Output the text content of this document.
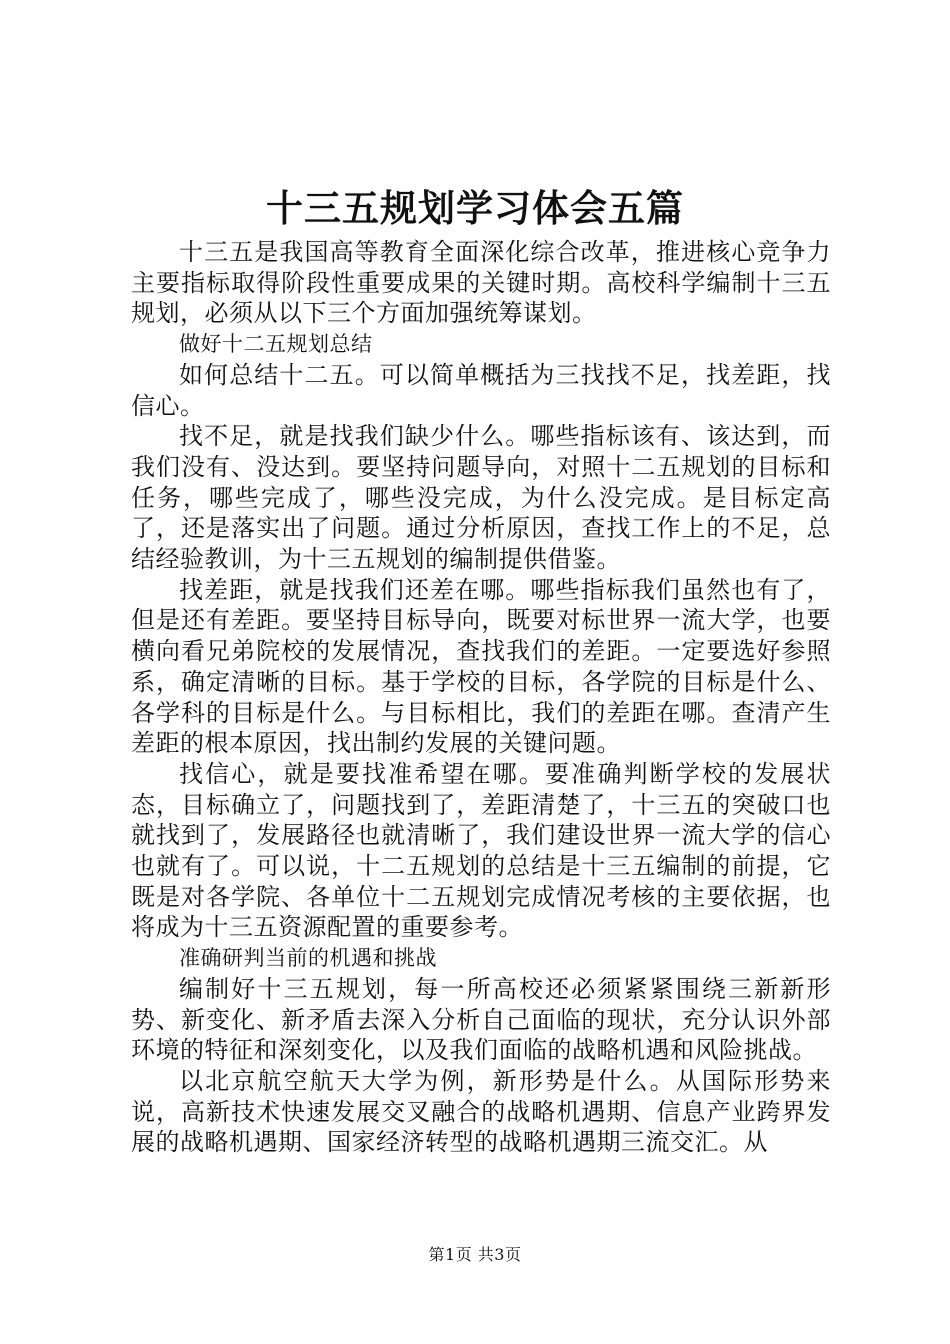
十三五规划学习体会五篇

十三五是我国高等教育全面深化综合改革，推进核心竞争力主要指标取得阶段性重要成果的关键时期。高校科学编制十三五规划，必须从以下三个方面加强统筹谋划。

做好十二五规划总结

如何总结十二五。可以简单概括为三找找不足，找差距，找信心。

找不足，就是找我们缺少什么。哪些指标该有、该达到，而我们没有、没达到。要坚持问题导向，对照十二五规划的目标和任务，哪些完成了，哪些没完成，为什么没完成。是目标定高了，还是落实出了问题。通过分析原因，查找工作上的不足，总结经验教训，为十三五规划的编制提供借鉴。

找差距，就是找我们还差在哪。哪些指标我们虽然也有了，但是还有差距。要坚持目标导向，既要对标世界一流大学，也要横向看兄弟院校的发展情况，查找我们的差距。一定要选好参照系，确定清晰的目标。基于学校的目标，各学院的目标是什么、各学科的目标是什么。与目标相比，我们的差距在哪。查清产生差距的根本原因，找出制约发展的关键问题。

找信心，就是要找准希望在哪。要准确判断学校的发展状态，目标确立了，问题找到了，差距清楚了，十三五的突破口也就找到了，发展路径也就清晰了，我们建设世界一流大学的信心也就有了。可以说，十二五规划的总结是十三五编制的前提，它既是对各学院、各单位十二五规划完成情况考核的主要依据，也将成为十三五资源配置的重要参考。

准确研判当前的机遇和挑战

编制好十三五规划，每一所高校还必须紧紧围绕三新新形势、新变化、新矛盾去深入分析自己面临的现状，充分认识外部环境的特征和深刻变化，以及我们面临的战略机遇和风险挑战。

以北京航空航天大学为例，新形势是什么。从国际形势来说，高新技术快速发展交叉融合的战略机遇期、信息产业跨界发展的战略机遇期、国家经济转型的战略机遇期三流交汇。从

第1页 共3页
